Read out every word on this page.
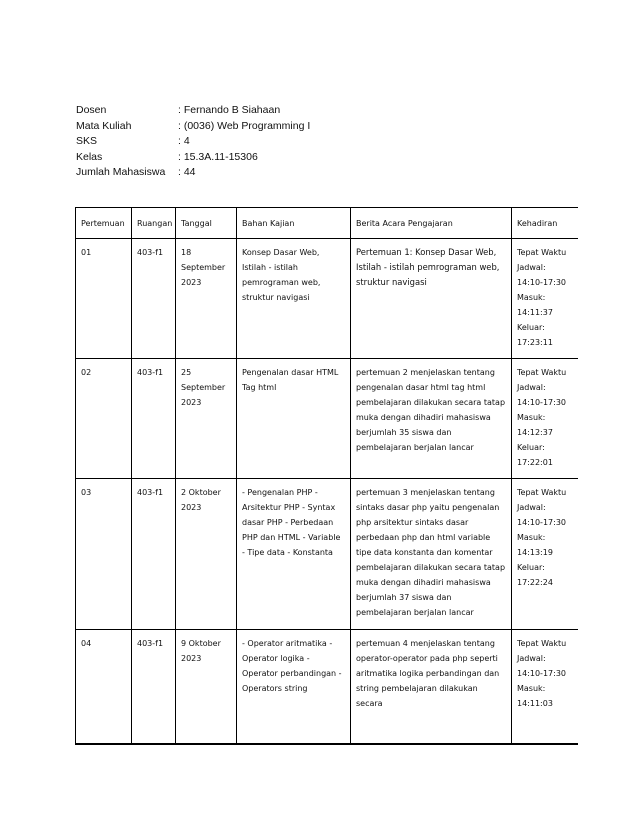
Dosen	: Fernando B Siahaan
Mata Kuliah	: (0036) Web Programming I
SKS	: 4
Kelas	: 15.3A.11-15306
Jumlah Mahasiswa	: 44
Pertemuan	Ruangan	Tanggal	Bahan Kajian	Berita Acara Pengajaran	Kehadiran
01	403-f1	18 September 2023	Konsep Dasar Web, Istilah - istilah pemrograman web, struktur navigasi	Pertemuan 1: Konsep Dasar Web, Istilah - istilah pemrograman web, struktur navigasi	Tepat Waktu Jadwal: 14:10-17:30 Masuk: 14:11:37 Keluar: 17:23:11
02	403-f1	25 September 2023	Pengenalan dasar HTML Tag html	pertemuan 2 menjelaskan tentang pengenalan dasar html tag html pembelajaran dilakukan secara tatap muka dengan dihadiri mahasiswa berjumlah 35 siswa dan pembelajaran berjalan lancar	Tepat Waktu Jadwal: 14:10-17:30 Masuk: 14:12:37 Keluar: 17:22:01
03	403-f1	2 Oktober 2023	- Pengenalan PHP - Arsitektur PHP - Syntax dasar PHP - Perbedaan PHP dan HTML - Variable - Tipe data - Konstanta	pertemuan 3 menjelaskan tentang sintaks dasar php yaitu pengenalan php arsitektur sintaks dasar perbedaan php dan html variable tipe data konstanta dan komentar pembelajaran dilakukan secara tatap muka dengan dihadiri mahasiswa berjumlah 37 siswa dan pembelajaran berjalan lancar	Tepat Waktu Jadwal: 14:10-17:30 Masuk: 14:13:19 Keluar: 17:22:24
04	403-f1	9 Oktober 2023	- Operator aritmatika - Operator logika - Operator perbandingan - Operators string	pertemuan 4 menjelaskan tentang operator-operator pada php seperti aritmatika logika perbandingan dan string pembelajaran dilakukan secara	Tepat Waktu Jadwal: 14:10-17:30 Masuk: 14:11:03
